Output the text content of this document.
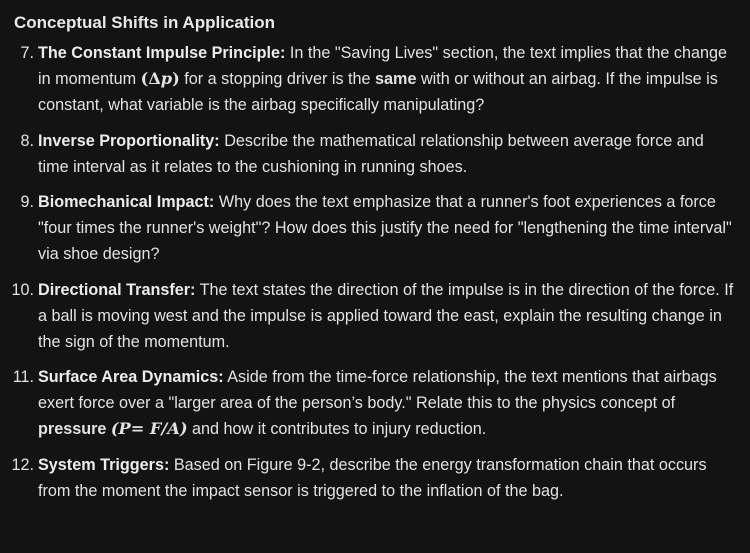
Conceptual Shifts in Application
7. The Constant Impulse Principle: In the "Saving Lives" section, the text implies that the change in momentum (Δp) for a stopping driver is the same with or without an airbag. If the impulse is constant, what variable is the airbag specifically manipulating?
8. Inverse Proportionality: Describe the mathematical relationship between average force and time interval as it relates to the cushioning in running shoes.
9. Biomechanical Impact: Why does the text emphasize that a runner's foot experiences a force "four times the runner's weight"? How does this justify the need for "lengthening the time interval" via shoe design?
10. Directional Transfer: The text states the direction of the impulse is in the direction of the force. If a ball is moving west and the impulse is applied toward the east, explain the resulting change in the sign of the momentum.
11. Surface Area Dynamics: Aside from the time-force relationship, the text mentions that airbags exert force over a "larger area of the person’s body." Relate this to the physics concept of pressure (P= F/A) and how it contributes to injury reduction.
12. System Triggers: Based on Figure 9-2, describe the energy transformation chain that occurs from the moment the impact sensor is triggered to the inflation of the bag.
